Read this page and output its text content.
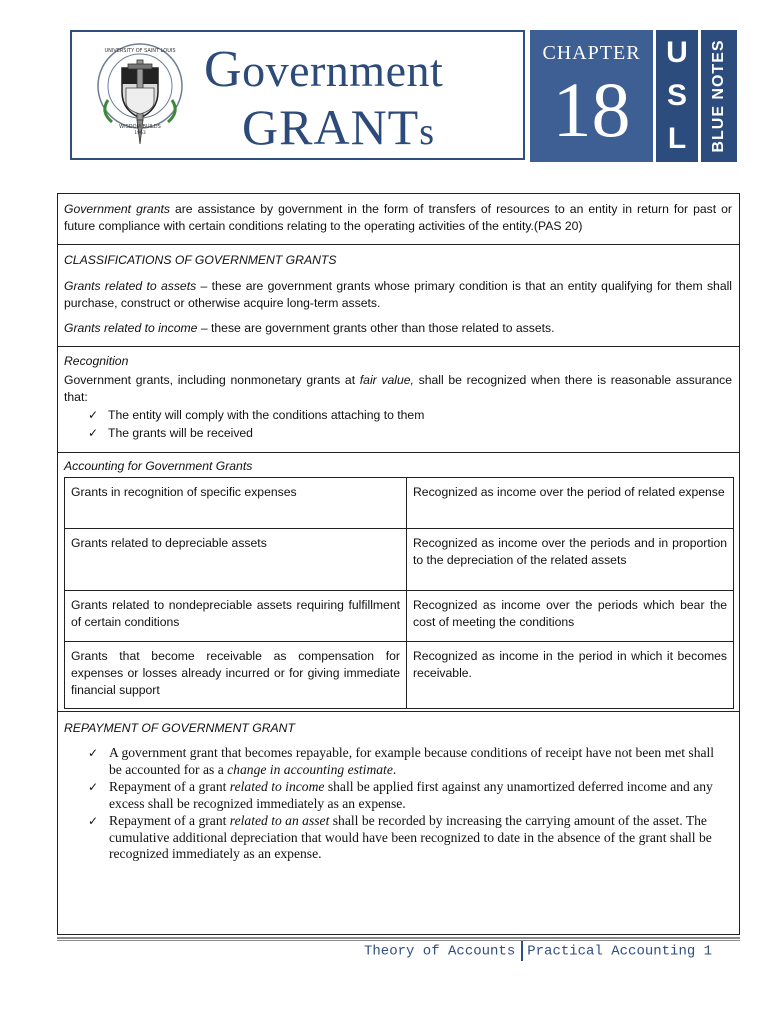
UNIVERSITY OF SAINT LOUIS
WISDOM BUILDS
1963
Government
GRANTs
CHAPTER
18
U
S
L	BLUE NOTES

Government grants are assistance by government in the form of transfers of resources to an entity in return for past or future compliance with certain conditions relating to the operating activities of the entity.(PAS 20)

CLASSIFICATIONS OF GOVERNMENT GRANTS

Grants related to assets – these are government grants whose primary condition is that an entity qualifying for them shall purchase, construct or otherwise acquire long-term assets.

Grants related to income – these are government grants other than those related to assets.

Recognition

Government grants, including nonmonetary grants at fair value, shall be recognized when there is reasonable assurance that:

✓ The entity will comply with the conditions attaching to them
✓ The grants will be received

Accounting for Government Grants

Grants in recognition of specific expenses	Recognized as income over the period of related expense
Grants related to depreciable assets	Recognized as income over the periods and in proportion to the depreciation of the related assets
Grants related to nondepreciable assets requiring fulfillment of certain conditions	Recognized as income over the periods which bear the cost of meeting the conditions
Grants that become receivable as compensation for expenses or losses already incurred or for giving immediate financial support	Recognized as income in the period in which it becomes receivable.

REPAYMENT OF GOVERNMENT GRANT

✓ A government grant that becomes repayable, for example because conditions of receipt have not been met shall be accounted for as a change in accounting estimate.
✓ Repayment of a grant related to income shall be applied first against any unamortized deferred income and any excess shall be recognized immediately as an expense.
✓ Repayment of a grant related to an asset shall be recorded by increasing the carrying amount of the asset. The cumulative additional depreciation that would have been recognized to date in the absence of the grant shall be recognized immediately as an expense.
Theory of Accounts Practical Accounting 1
